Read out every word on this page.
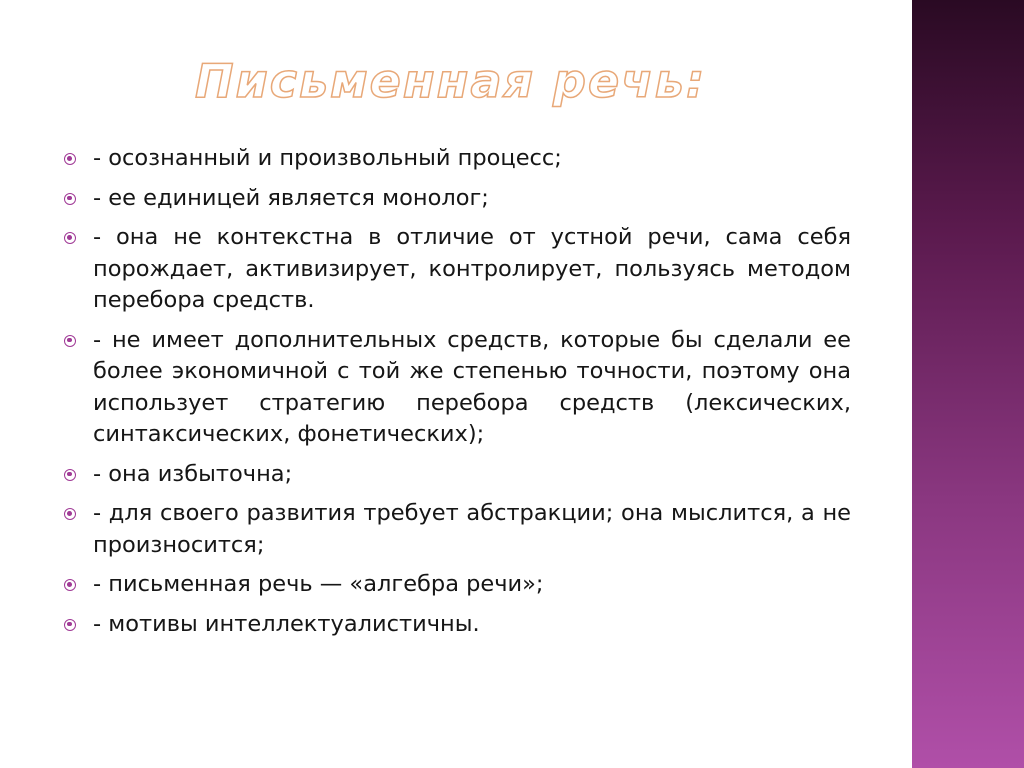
Письменная речь:
- осознанный и произвольный процесс;
- ее единицей является монолог;
- она не контекстна в отличие от устной речи, сама себя порождает, активизирует, контролирует, пользуясь методом перебора средств.
- не имеет дополнительных средств, которые бы сделали ее более экономичной с той же степенью точности, поэтому она использует стратегию перебора средств (лексических, синтаксических, фонетических);
- она избыточна;
- для своего развития требует абстракции; она мыслится, а не произносится;
- письменная речь — «алгебра речи»;
- мотивы интеллектуалистичны.
